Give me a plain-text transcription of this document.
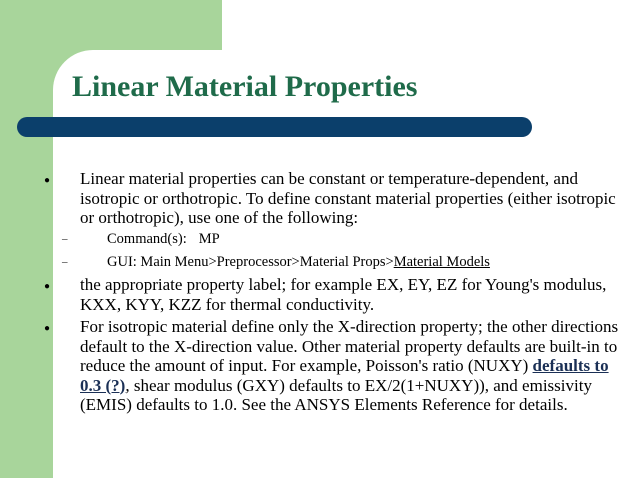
Linear Material Properties
● Linear material properties can be constant or temperature-dependent, and isotropic or orthotropic. To define constant material properties (either isotropic or orthotropic), use one of the following:
–	Command(s): MP
–	GUI: Main Menu>Preprocessor>Material Props>Material Models
● the appropriate property label; for example EX, EY, EZ for Young's modulus, KXX, KYY, KZZ for thermal conductivity.
● For isotropic material define only the X-direction property; the other directions default to the X-direction value. Other material property defaults are built-in to reduce the amount of input. For example, Poisson's ratio (NUXY) defaults to 0.3 (?), shear modulus (GXY) defaults to EX/2(1+NUXY)), and emissivity (EMIS) defaults to 1.0. See the ANSYS Elements Reference for details.
